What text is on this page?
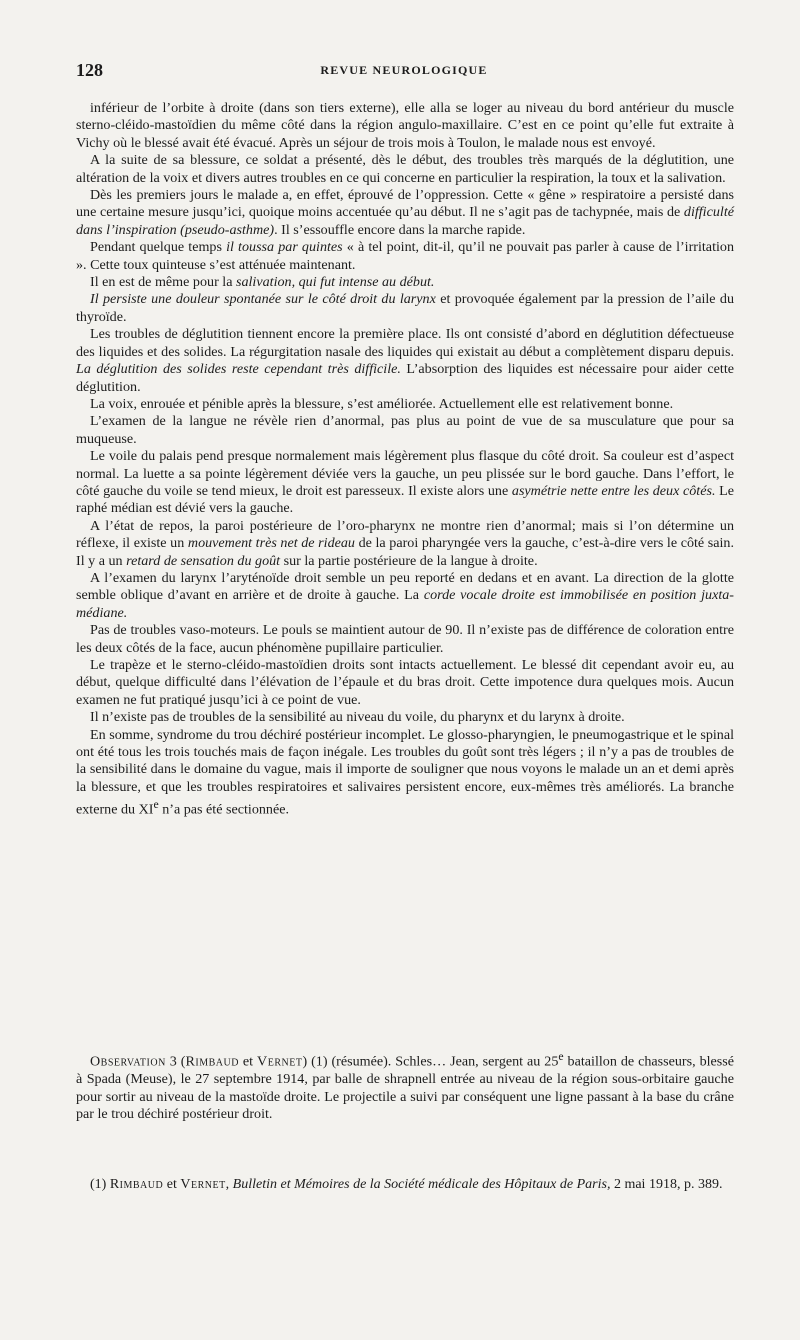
128	REVUE NEUROLOGIQUE

inférieur de l’orbite à droite (dans son tiers externe), elle alla se loger au niveau du bord antérieur du muscle sterno-cléido-mastoïdien du même côté dans la région angulo-maxillaire. C’est en ce point qu’elle fut extraite à Vichy où le blessé avait été évacué. Après un séjour de trois mois à Toulon, le malade nous est envoyé.

A la suite de sa blessure, ce soldat a présenté, dès le début, des troubles très marqués de la déglutition, une altération de la voix et divers autres troubles en ce qui concerne en particulier la respiration, la toux et la salivation.

Dès les premiers jours le malade a, en effet, éprouvé de l’oppression. Cette « gêne » respiratoire a persisté dans une certaine mesure jusqu’ici, quoique moins accentuée qu’au début. Il ne s’agit pas de tachypnée, mais de difficulté dans l’inspiration (pseudo-asthme). Il s’essouffle encore dans la marche rapide.

Pendant quelque temps il toussa par quintes « à tel point, dit-il, qu’il ne pouvait pas parler à cause de l’irritation ». Cette toux quinteuse s’est atténuée maintenant.

Il en est de même pour la salivation, qui fut intense au début.

Il persiste une douleur spontanée sur le côté droit du larynx et provoquée également par la pression de l’aile du thyroïde.

Les troubles de déglutition tiennent encore la première place. Ils ont consisté d’abord en déglutition défectueuse des liquides et des solides. La régurgitation nasale des liquides qui existait au début a complètement disparu depuis. La déglutition des solides reste cependant très difficile. L’absorption des liquides est nécessaire pour aider cette déglutition.

La voix, enrouée et pénible après la blessure, s’est améliorée. Actuellement elle est relativement bonne.

L’examen de la langue ne révèle rien d’anormal, pas plus au point de vue de sa musculature que pour sa muqueuse.

Le voile du palais pend presque normalement mais légèrement plus flasque du côté droit. Sa couleur est d’aspect normal. La luette a sa pointe légèrement déviée vers la gauche, un peu plissée sur le bord gauche. Dans l’effort, le côté gauche du voile se tend mieux, le droit est paresseux. Il existe alors une asymétrie nette entre les deux côtés. Le raphé médian est dévié vers la gauche.

A l’état de repos, la paroi postérieure de l’oro-pharynx ne montre rien d’anormal; mais si l’on détermine un réflexe, il existe un mouvement très net de rideau de la paroi pharyngée vers la gauche, c’est-à-dire vers le côté sain. Il y a un retard de sensation du goût sur la partie postérieure de la langue à droite.

A l’examen du larynx l’aryténoïde droit semble un peu reporté en dedans et en avant. La direction de la glotte semble oblique d’avant en arrière et de droite à gauche. La corde vocale droite est immobilisée en position juxta-médiane.

Pas de troubles vaso-moteurs. Le pouls se maintient autour de 90. Il n’existe pas de différence de coloration entre les deux côtés de la face, aucun phénomène pupillaire particulier.

Le trapèze et le sterno-cléido-mastoïdien droits sont intacts actuellement. Le blessé dit cependant avoir eu, au début, quelque difficulté dans l’élévation de l’épaule et du bras droit. Cette impotence dura quelques mois. Aucun examen ne fut pratiqué jusqu’ici à ce point de vue.

Il n’existe pas de troubles de la sensibilité au niveau du voile, du pharynx et du larynx à droite.

En somme, syndrome du trou déchiré postérieur incomplet. Le glosso-pharyngien, le pneumogastrique et le spinal ont été tous les trois touchés mais de façon inégale. Les troubles du goût sont très légers ; il n’y a pas de troubles de la sensibilité dans le domaine du vague, mais il importe de souligner que nous voyons le malade un an et demi après la blessure, et que les troubles respiratoires et salivaires persistent encore, eux-mêmes très améliorés. La branche externe du XIe n’a pas été sectionnée.

Observation 3 (Rimbaud et Vernet) (1) (résumée). Schles… Jean, sergent au 25e bataillon de chasseurs, blessé à Spada (Meuse), le 27 septembre 1914, par balle de shrapnell entrée au niveau de la région sous-orbitaire gauche pour sortir au niveau de la mastoïde droite. Le projectile a suivi par conséquent une ligne passant à la base du crâne par le trou déchiré postérieur droit.

(1) Rimbaud et Vernet, Bulletin et Mémoires de la Société médicale des Hôpitaux de Paris, 2 mai 1918, p. 389.
